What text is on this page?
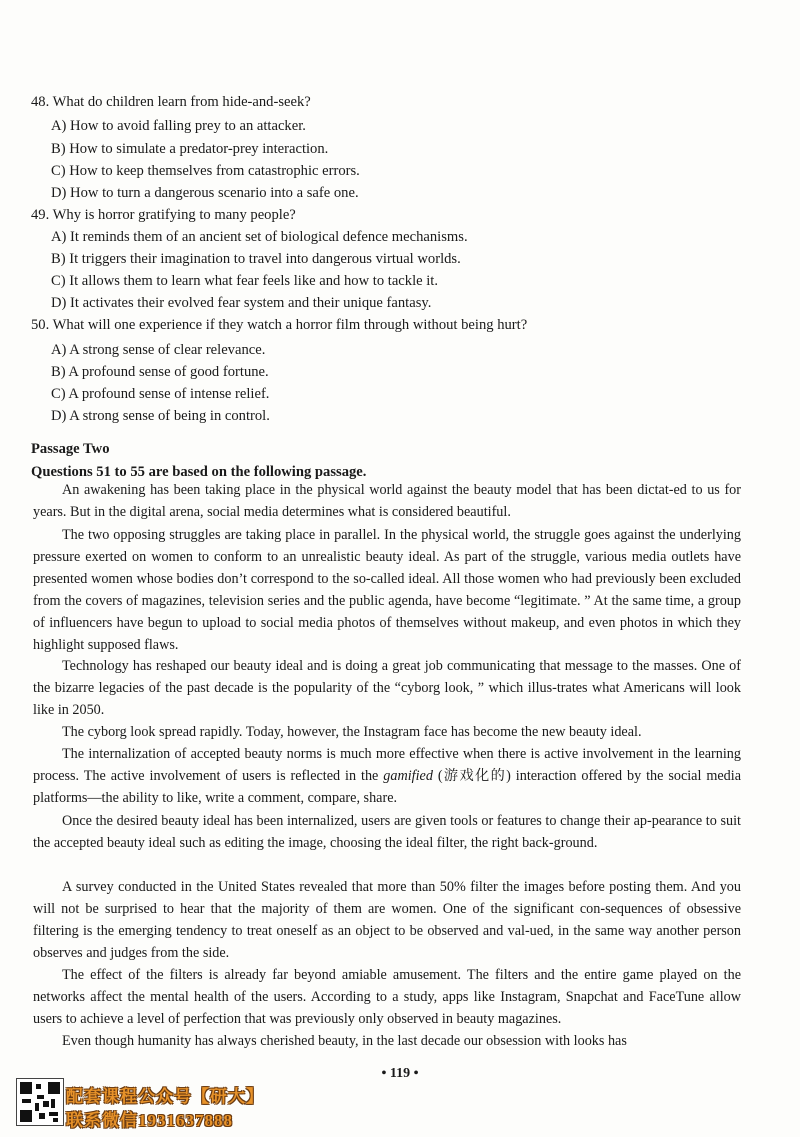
48. What do children learn from hide-and-seek?
A) How to avoid falling prey to an attacker.
B) How to simulate a predator-prey interaction.
C) How to keep themselves from catastrophic errors.
D) How to turn a dangerous scenario into a safe one.
49. Why is horror gratifying to many people?
A) It reminds them of an ancient set of biological defence mechanisms.
B) It triggers their imagination to travel into dangerous virtual worlds.
C) It allows them to learn what fear feels like and how to tackle it.
D) It activates their evolved fear system and their unique fantasy.
50. What will one experience if they watch a horror film through without being hurt?
A) A strong sense of clear relevance.
B) A profound sense of good fortune.
C) A profound sense of intense relief.
D) A strong sense of being in control.
Passage Two
Questions 51 to 55 are based on the following passage.
An awakening has been taking place in the physical world against the beauty model that has been dictat-ed to us for years. But in the digital arena, social media determines what is considered beautiful.
The two opposing struggles are taking place in parallel. In the physical world, the struggle goes against the underlying pressure exerted on women to conform to an unrealistic beauty ideal. As part of the struggle, various media outlets have presented women whose bodies don’t correspond to the so-called ideal. All those women who had previously been excluded from the covers of magazines, television series and the public agenda, have become “legitimate. ” At the same time, a group of influencers have begun to upload to social media photos of themselves without makeup, and even photos in which they highlight supposed flaws.
Technology has reshaped our beauty ideal and is doing a great job communicating that message to the masses. One of the bizarre legacies of the past decade is the popularity of the “cyborg look, ” which illus-trates what Americans will look like in 2050.
The cyborg look spread rapidly. Today, however, the Instagram face has become the new beauty ideal.
The internalization of accepted beauty norms is much more effective when there is active involvement in the learning process. The active involvement of users is reflected in the gamified (游戏化的) interaction offered by the social media platforms—the ability to like, write a comment, compare, share.
Once the desired beauty ideal has been internalized, users are given tools or features to change their ap-pearance to suit the accepted beauty ideal such as editing the image, choosing the ideal filter, the right back-ground.
A survey conducted in the United States revealed that more than 50% filter the images before posting them. And you will not be surprised to hear that the majority of them are women. One of the significant con-sequences of obsessive filtering is the emerging tendency to treat oneself as an object to be observed and val-ued, in the same way another person observes and judges from the side.
The effect of the filters is already far beyond amiable amusement. The filters and the entire game played on the networks affect the mental health of the users. According to a study, apps like Instagram, Snapchat and FaceTune allow users to achieve a level of perfection that was previously only observed in beauty magazines.
Even though humanity has always cherished beauty, in the last decade our obsession with looks has
• 119 •
配套课程公众号【研大】
联系微信1931637888
